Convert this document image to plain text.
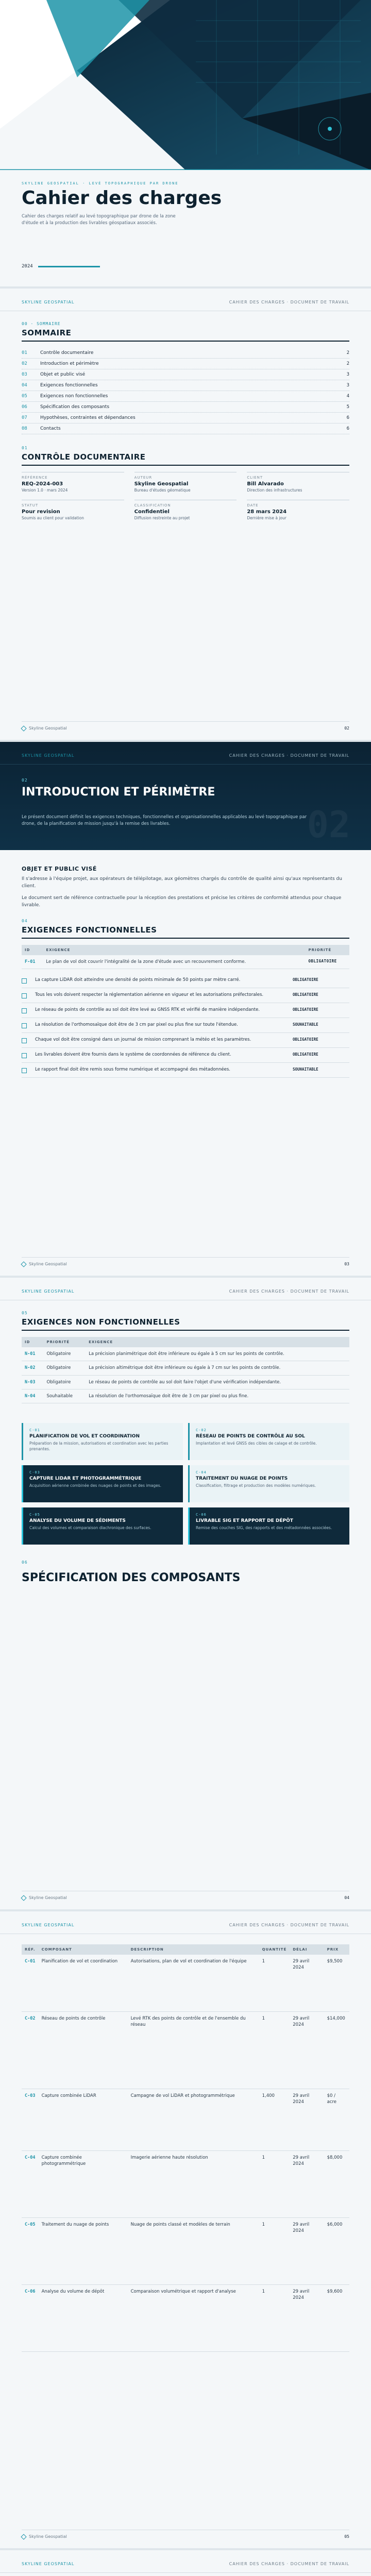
SKYLINE GEOSPATIAL · LEVÉ TOPOGRAPHIQUE PAR DRONE
Cahier des charges
Cahier des charges relatif au levé topographique par drone de la zone d'étude et à la production des livrables géospatiaux associés.
2024
SKYLINE GEOSPATIAL	CAHIER DES CHARGES · DOCUMENT DE TRAVAIL
00 · SOMMAIRE
SOMMAIRE
01	Contrôle documentaire	2
02	Introduction et périmètre	2
03	Objet et public visé	3
04	Exigences fonctionnelles	3
05	Exigences non fonctionnelles	4
06	Spécification des composants	5
07	Hypothèses, contraintes et dépendances	6
08	Contacts	6
01
CONTRÔLE DOCUMENTAIRE
RÉFÉRENCE
REQ-2024-003
Version 1.0 · mars 2024
AUTEUR
Skyline Geospatial
Bureau d'études géomatique
CLIENT
Bill Alvarado
Direction des infrastructures
STATUT
Pour revision
Soumis au client pour validation
CLASSIFICATION
Confidentiel
Diffusion restreinte au projet
DATE
28 mars 2024
Dernière mise à jour
Skyline Geospatial	02
SKYLINE GEOSPATIAL	CAHIER DES CHARGES · DOCUMENT DE TRAVAIL
02
INTRODUCTION ET PÉRIMÈTRE
Le présent document définit les exigences techniques, fonctionnelles et organisationnelles applicables au levé topographique par drone, de la planification de mission jusqu'à la remise des livrables.	02
OBJET ET PUBLIC VISÉ

Il s'adresse à l'équipe projet, aux opérateurs de télépilotage, aux géomètres chargés du contrôle de qualité ainsi qu'aux représentants du client.

Le document sert de référence contractuelle pour la réception des prestations et précise les critères de conformité attendus pour chaque livrable.

04
EXIGENCES FONCTIONNELLES
ID	EXIGENCE	PRIORITÉ
F-01	Le plan de vol doit couvrir l'intégralité de la zone d'étude avec un recouvrement conforme.	OBLIGATOIRE
La capture LiDAR doit atteindre une densité de points minimale de 50 points par mètre carré.	OBLIGATOIRE
Tous les vols doivent respecter la réglementation aérienne en vigueur et les autorisations préfectorales.	OBLIGATOIRE
Le réseau de points de contrôle au sol doit être levé au GNSS RTK et vérifié de manière indépendante.	OBLIGATOIRE
La résolution de l'orthomosaïque doit être de 3 cm par pixel ou plus fine sur toute l'étendue.	SOUHAITABLE
Chaque vol doit être consigné dans un journal de mission comprenant la météo et les paramètres.	OBLIGATOIRE
Les livrables doivent être fournis dans le système de coordonnées de référence du client.	OBLIGATOIRE
Le rapport final doit être remis sous forme numérique et accompagné des métadonnées.	SOUHAITABLE
Skyline Geospatial	03
SKYLINE GEOSPATIAL	CAHIER DES CHARGES · DOCUMENT DE TRAVAIL
05
EXIGENCES NON FONCTIONNELLES
ID	PRIORITÉ	EXIGENCE
N-01	Obligatoire	La précision planimétrique doit être inférieure ou égale à 5 cm sur les points de contrôle.
N-02	Obligatoire	La précision altimétrique doit être inférieure ou égale à 7 cm sur les points de contrôle.
N-03	Obligatoire	Le réseau de points de contrôle au sol doit faire l'objet d'une vérification indépendante.
N-04	Souhaitable	La résolution de l'orthomosaïque doit être de 3 cm par pixel ou plus fine.
C-01
PLANIFICATION DE VOL ET COORDINATION
Préparation de la mission, autorisations et coordination avec les parties prenantes.
C-02
RÉSEAU DE POINTS DE CONTRÔLE AU SOL
Implantation et levé GNSS des cibles de calage et de contrôle.
C-03
CAPTURE LIDAR ET PHOTOGRAMMÉTRIQUE
Acquisition aérienne combinée des nuages de points et des images.
C-04
TRAITEMENT DU NUAGE DE POINTS
Classification, filtrage et production des modèles numériques.
C-05
ANALYSE DU VOLUME DE SÉDIMENTS
Calcul des volumes et comparaison diachronique des surfaces.
C-06
LIVRABLE SIG ET RAPPORT DE DÉPÔT
Remise des couches SIG, des rapports et des métadonnées associées.
06
SPÉCIFICATION DES COMPOSANTS
Skyline Geospatial	04
SKYLINE GEOSPATIAL	CAHIER DES CHARGES · DOCUMENT DE TRAVAIL
RÉF.	COMPOSANT	DESCRIPTION	QUANTITÉ	DÉLAI	PRIX
C-01	Planification de vol et coordination	Autorisations, plan de vol et coordination de l'équipe	1	29 avril 2024	$9,500
C-02	Réseau de points de contrôle	Levé RTK des points de contrôle et de l'ensemble du réseau	1	29 avril 2024	$14,000
C-03	Capture combinée LiDAR	Campagne de vol LiDAR et photogrammétrique	1,400	29 avril 2024	$0 / acre
C-04	Capture combinée photogrammétrique	Imagerie aérienne haute résolution	1	29 avril 2024	$8,000
C-05	Traitement du nuage de points	Nuage de points classé et modèles de terrain	1	29 avril 2024	$6,000
C-06	Analyse du volume de dépôt	Comparaison volumétrique et rapport d'analyse	1	29 avril 2024	$9,600
Skyline Geospatial	05
SKYLINE GEOSPATIAL	CAHIER DES CHARGES · DOCUMENT DE TRAVAIL
